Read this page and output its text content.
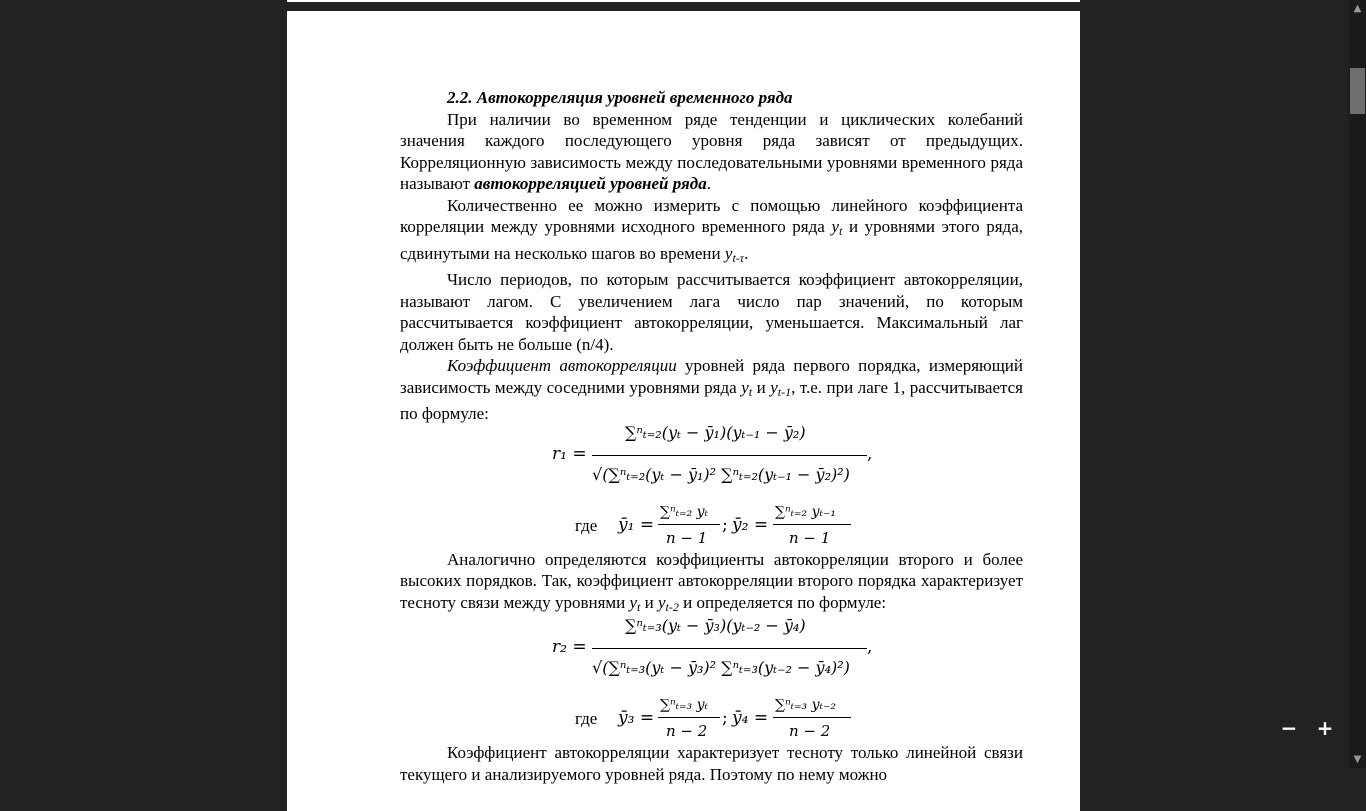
2.2. Автокорреляция уровней временного ряда

При наличии во временном ряде тенденции и циклических колебаний значения каждого последующего уровня ряда зависят от предыдущих. Корреляционную зависимость между последовательными уровнями временного ряда называют автокорреляцией уровней ряда.

Количественно ее можно измерить с помощью линейного коэффициента корреляции между уровнями исходного временного ряда $y_t$ и уровнями этого ряда, сдвинутыми на несколько шагов во времени $y_{t-\tau}$.

Число периодов, по которым рассчитывается коэффициент автокорреляции, называют лагом. С увеличением лага число пар значений, по которым рассчитывается коэффициент автокорреляции, уменьшается. Максимальный лаг должен быть не больше (n/4).

Коэффициент автокорреляции уровней ряда первого порядка, измеряющий зависимость между соседними уровнями ряда $y_t$ и $y_{t-1}$, т.е. при лаге 1, рассчитывается по формуле:

r₁ =
∑ⁿₜ₌₂(yₜ − ȳ₁)(yₜ₋₁ − ȳ₂)
√(∑ⁿₜ₌₂(yₜ − ȳ₁)² ∑ⁿₜ₌₂(yₜ₋₁ − ȳ₂)²)
,
где ȳ₁ =
∑ⁿₜ₌₂ yₜ
n − 1
; ȳ₂ =
∑ⁿₜ₌₂ yₜ₋₁
n − 1

Аналогично определяются коэффициенты автокорреляции второго и более высоких порядков. Так, коэффициент автокорреляции второго порядка характеризует тесноту связи между уровнями $y_t$ и $y_{t-2}$ и определяется по формуле:

r₂ =
∑ⁿₜ₌₃(yₜ − ȳ₃)(yₜ₋₂ − ȳ₄)
√(∑ⁿₜ₌₃(yₜ − ȳ₃)² ∑ⁿₜ₌₃(yₜ₋₂ − ȳ₄)²)
,
где ȳ₃ =
∑ⁿₜ₌₃ yₜ
n − 2
; ȳ₄ =
∑ⁿₜ₌₃ yₜ₋₂
n − 2

Коэффициент автокорреляции характеризует тесноту только линейной связи текущего и анализируемого уровней ряда. Поэтому по нему можно

▲
▼
− +
